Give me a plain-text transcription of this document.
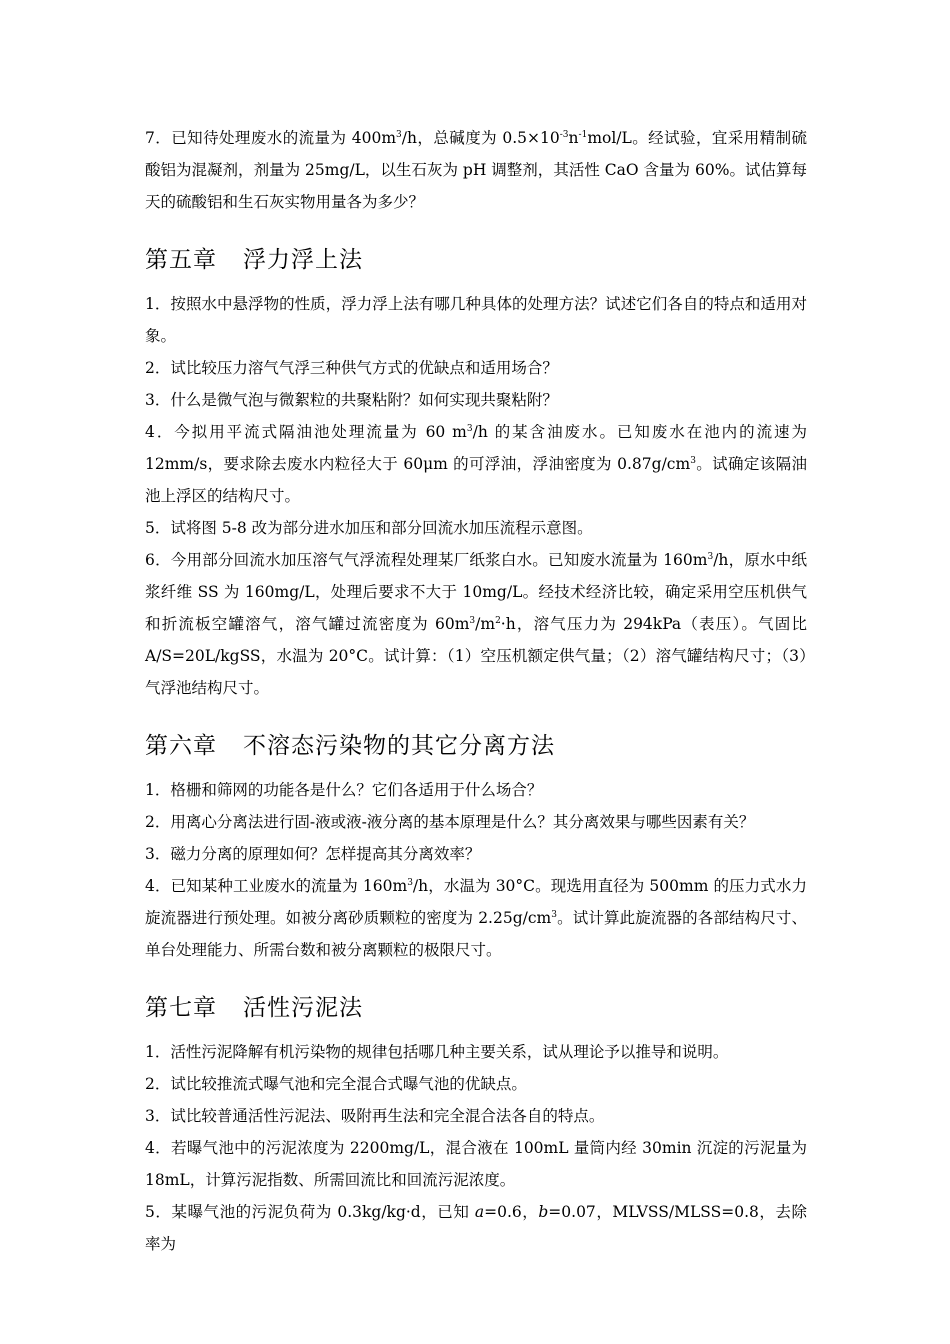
7．已知待处理废水的流量为 $400m^3/h$，总碱度为 $0.5\times 10^{-3}n^{-1}mol/L$。经试验，宜采用精制硫酸铝为混凝剂，剂量为 25mg/L，以生石灰为 pH 调整剂，其活性 CaO 含量为 60%。试估算每天的硫酸铝和生石灰实物用量各为多少？

第五章 浮力浮上法

1．按照水中悬浮物的性质，浮力浮上法有哪几种具体的处理方法？试述它们各自的特点和适用对象。

2．试比较压力溶气气浮三种供气方式的优缺点和适用场合？

3．什么是微气泡与微絮粒的共聚粘附？如何实现共聚粘附？

4．今拟用平流式隔油池处理流量为 60 $m^3/h$ 的某含油废水。已知废水在池内的流速为 12mm/s，要求除去废水内粒径大于 60μm 的可浮油，浮油密度为 $0.87g/cm^3$。试确定该隔油池上浮区的结构尺寸。

5．试将图 5-8 改为部分进水加压和部分回流水加压流程示意图。

6．今用部分回流水加压溶气气浮流程处理某厂纸浆白水。已知废水流量为 $160m^3/h$，原水中纸浆纤维 SS 为 160mg/L，处理后要求不大于 10mg/L。经技术经济比较，确定采用空压机供气和折流板空罐溶气，溶气罐过流密度为 $60m^3/m^2\cdot h$，溶气压力为 294kPa（表压）。气固比 A/S=20L/kgSS，水温为 20°C。试计算：（1）空压机额定供气量；（2）溶气罐结构尺寸；（3）气浮池结构尺寸。

第六章 不溶态污染物的其它分离方法

1．格栅和筛网的功能各是什么？它们各适用于什么场合？

2．用离心分离法进行固-液或液-液分离的基本原理是什么？其分离效果与哪些因素有关？

3．磁力分离的原理如何？怎样提高其分离效率？

4．已知某种工业废水的流量为 $160m^3/h$，水温为 30°C。现选用直径为 500mm 的压力式水力旋流器进行预处理。如被分离砂质颗粒的密度为 $2.25g/cm^3$。试计算此旋流器的各部结构尺寸、单台处理能力、所需台数和被分离颗粒的极限尺寸。

第七章 活性污泥法

1．活性污泥降解有机污染物的规律包括哪几种主要关系，试从理论予以推导和说明。

2．试比较推流式曝气池和完全混合式曝气池的优缺点。

3．试比较普通活性污泥法、吸附再生法和完全混合法各自的特点。

4．若曝气池中的污泥浓度为 2200mg/L，混合液在 100mL 量筒内经 30min 沉淀的污泥量为 18mL，计算污泥指数、所需回流比和回流污泥浓度。

5．某曝气池的污泥负荷为 0.3kg/kg·d，已知 a=0.6，b=0.07，MLVSS/MLSS=0.8，去除率为
